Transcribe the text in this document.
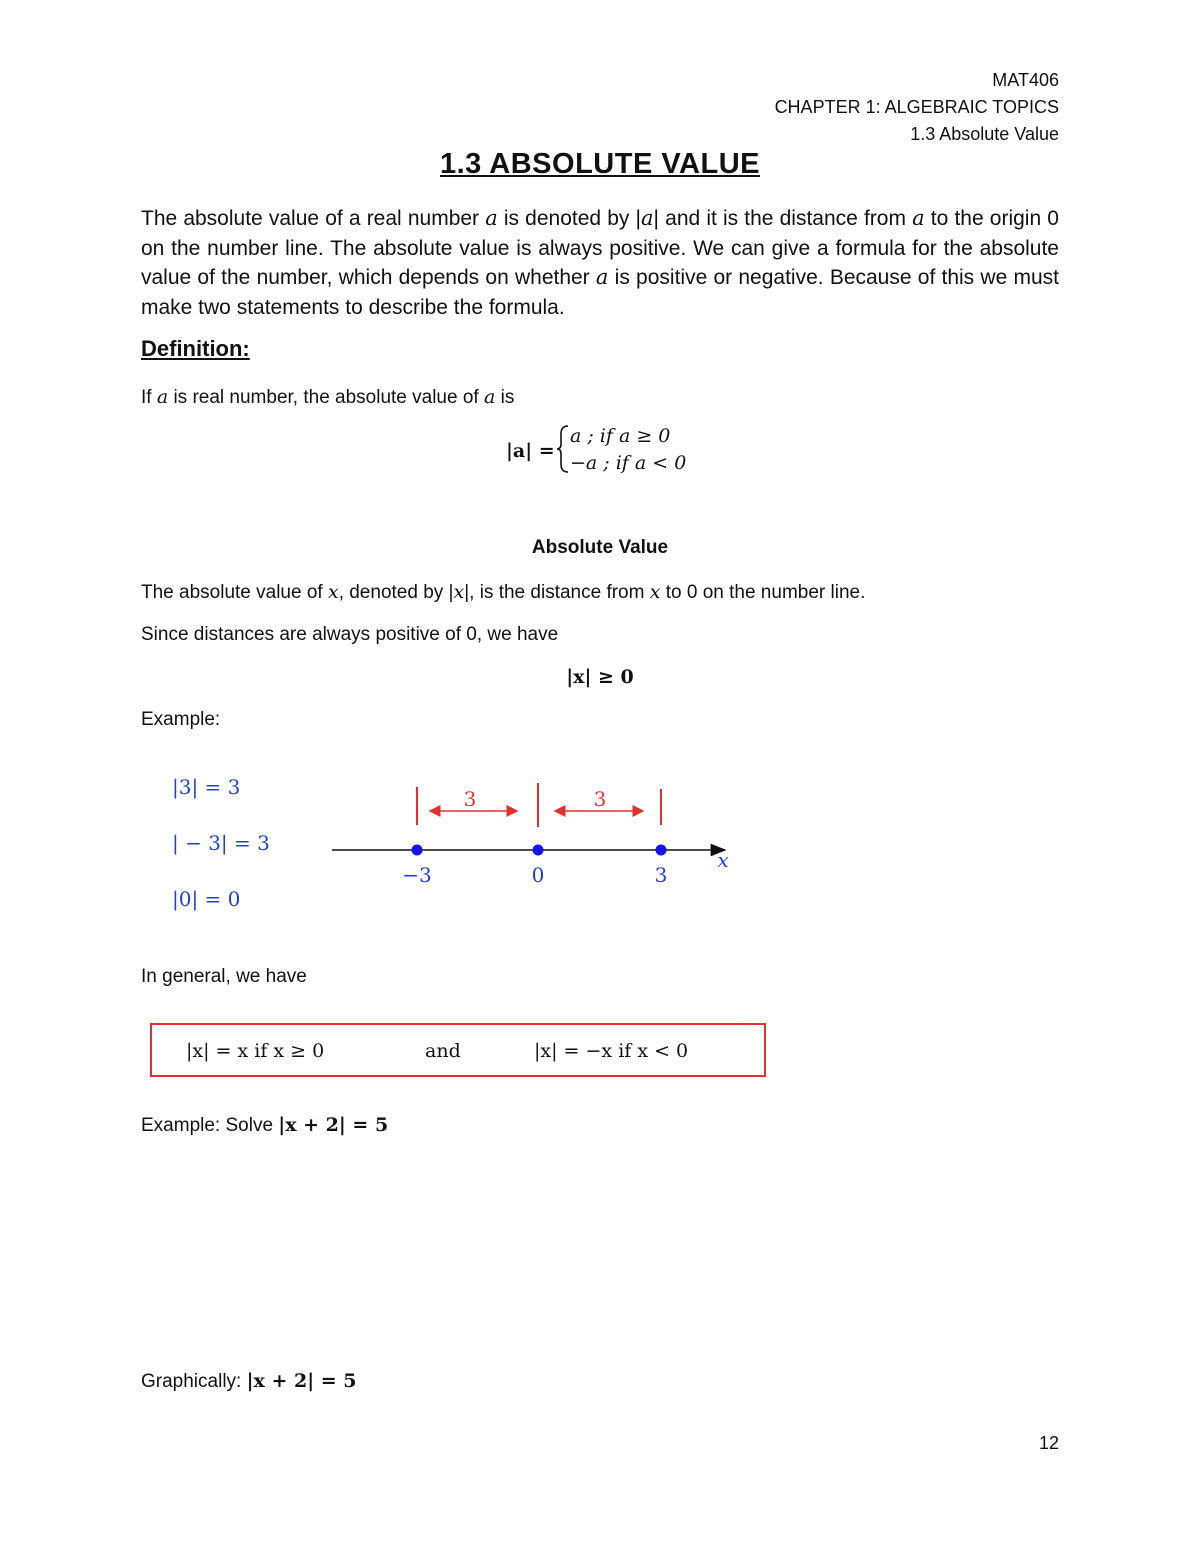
MAT406
CHAPTER 1: ALGEBRAIC TOPICS
1.3 Absolute Value
1.3 ABSOLUTE VALUE
The absolute value of a real number a is denoted by |a| and it is the distance from a to the origin 0 on the number line. The absolute value is always positive. We can give a formula for the absolute value of the number, which depends on whether a is positive or negative. Because of this we must make two statements to describe the formula.
Definition:
If a is real number, the absolute value of a is
|a| =
a ; if a ≥ 0
−a ; if a < 0
Absolute Value
The absolute value of x, denoted by |x|, is the distance from x to 0 on the number line.
Since distances are always positive of 0, we have
|x| ≥ 0
Example:
|3| = 3
| − 3| = 3
|0| = 0
3	3
−3	0	3
x
In general, we have
|x| = x if x ≥ 0	and	|x| = −x if x < 0
Example: Solve |x + 2| = 5
Graphically: |x + 2| = 5
12
